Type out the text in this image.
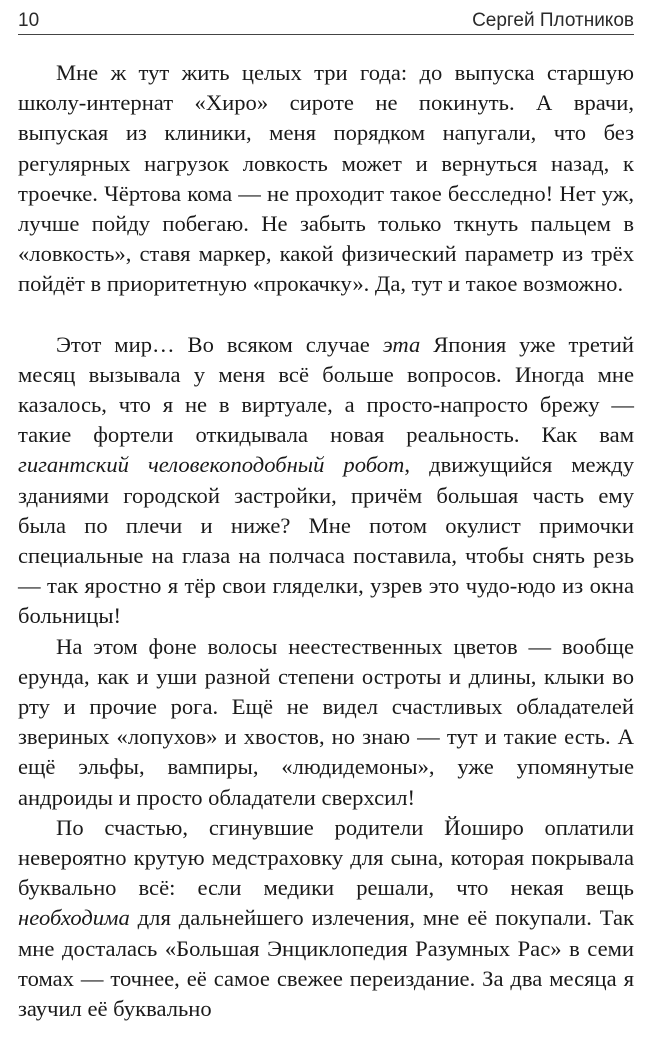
10	Сергей Плотников

Мне ж тут жить целых три года: до выпуска старшую школу-интернат «Хиро» сироте не покинуть. А врачи, выпуская из клиники, меня порядком напугали, что без регулярных нагрузок ловкость может и вернуться назад, к троечке. Чёртова кома — не проходит такое бесследно! Нет уж, лучше пойду побегаю. Не забыть только ткнуть пальцем в «ловкость», ставя маркер, какой физический параметр из трёх пойдёт в приоритетную «прокачку». Да, тут и такое возможно.

Этот мир… Во всяком случае эта Япония уже третий месяц вызывала у меня всё больше вопросов. Иногда мне казалось, что я не в виртуале, а просто-напросто брежу — такие фортели откидывала новая реальность. Как вам гигантский человекоподобный робот, движущийся между зданиями городской застройки, причём большая часть ему была по плечи и ниже? Мне потом окулист примочки специальные на глаза на полчаса поставила, чтобы снять резь — так яростно я тёр свои гляделки, узрев это чудо-юдо из окна больницы!

На этом фоне волосы неестественных цветов — вообще ерунда, как и уши разной степени остроты и длины, клыки во рту и прочие рога. Ещё не видел счастливых обладателей звериных «лопухов» и хвостов, но знаю — тут и такие есть. А ещё эльфы, вампиры, «людидемоны», уже упомянутые андроиды и просто обладатели сверхсил!

По счастью, сгинувшие родители Йоширо оплатили невероятно крутую медстраховку для сына, которая покрывала буквально всё: если медики решали, что некая вещь необходима для дальнейшего излечения, мне её покупали. Так мне досталась «Большая Энциклопедия Разумных Рас» в семи томах — точнее, её самое свежее переиздание. За два месяца я заучил её буквально
